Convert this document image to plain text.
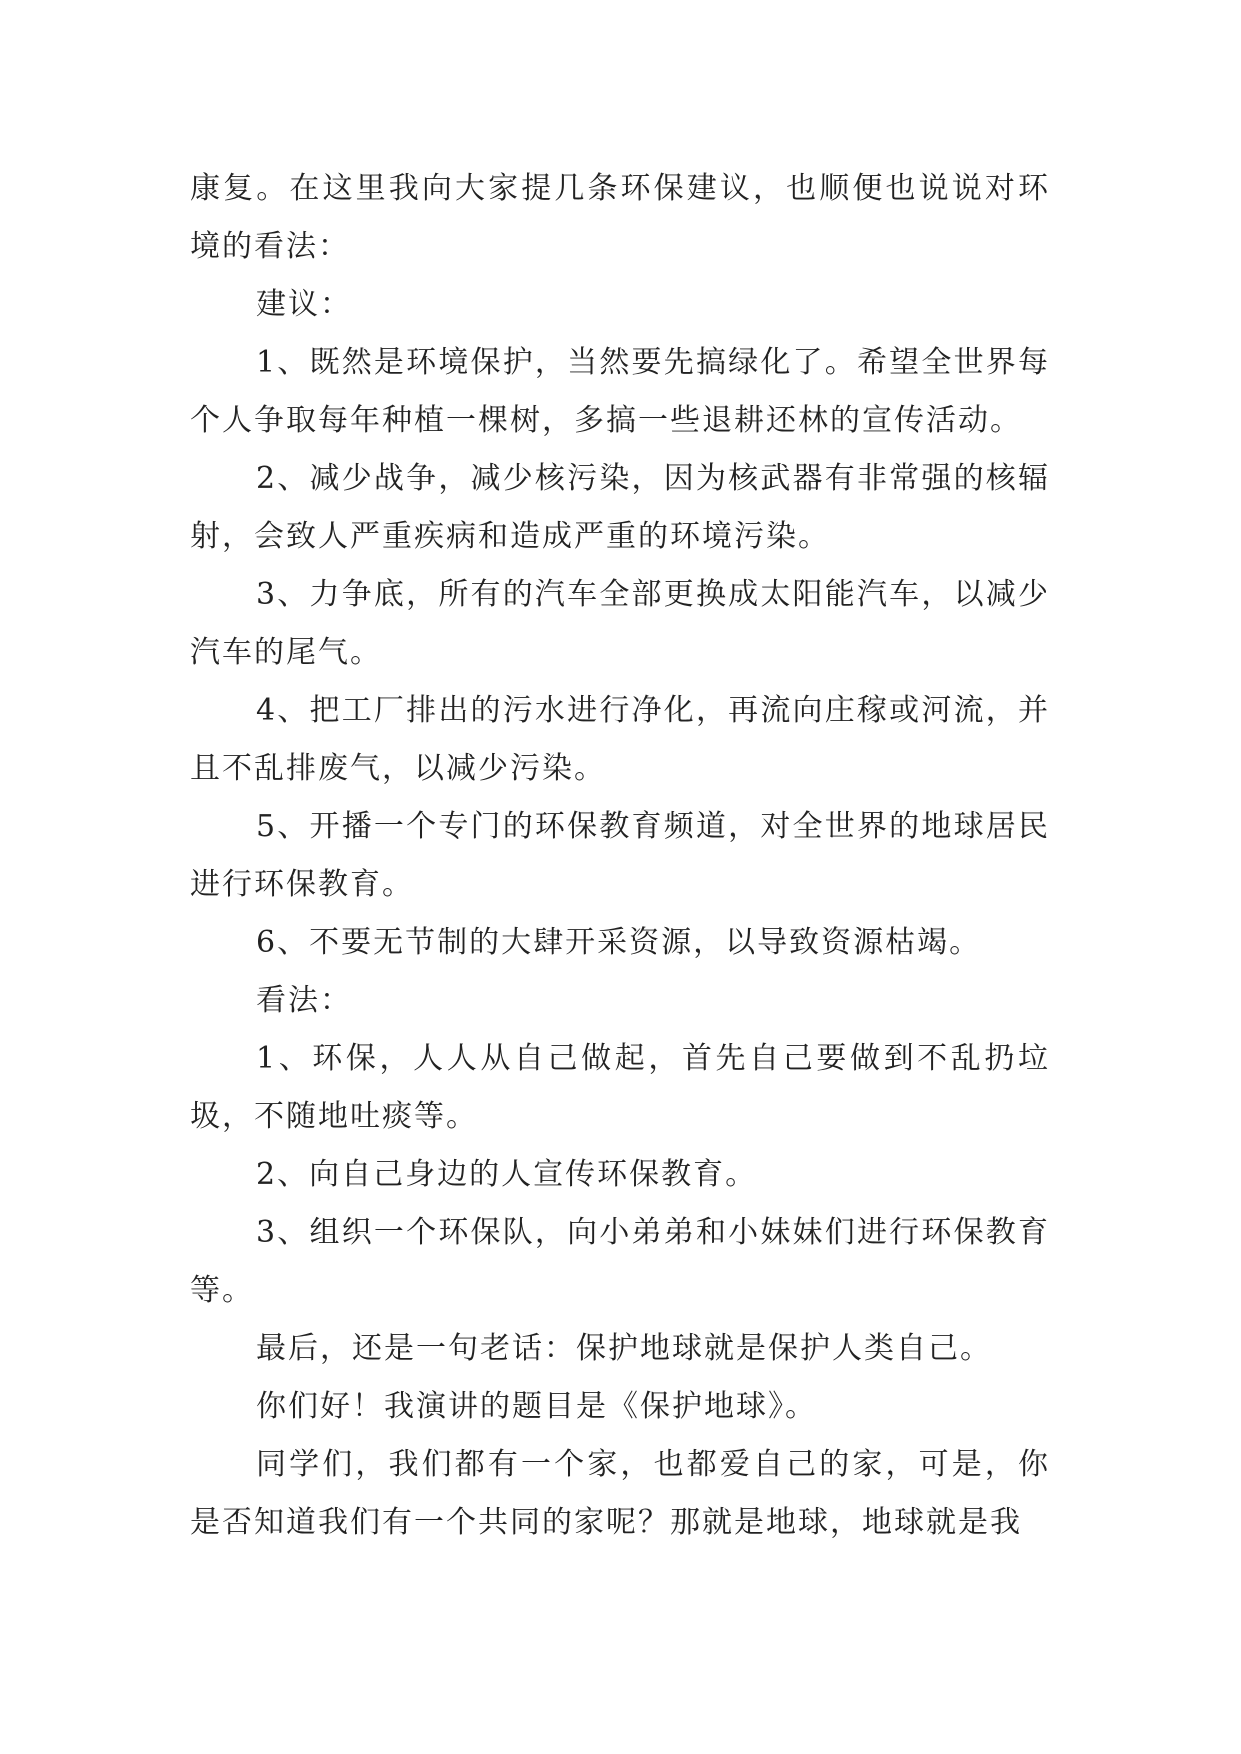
康复。在这里我向大家提几条环保建议，也顺便也说说对环境的看法：

建议：

1、既然是环境保护，当然要先搞绿化了。希望全世界每个人争取每年种植一棵树，多搞一些退耕还林的宣传活动。

2、减少战争，减少核污染，因为核武器有非常强的核辐射，会致人严重疾病和造成严重的环境污染。

3、力争底，所有的汽车全部更换成太阳能汽车，以减少汽车的尾气。

4、把工厂排出的污水进行净化，再流向庄稼或河流，并且不乱排废气，以减少污染。

5、开播一个专门的环保教育频道，对全世界的地球居民进行环保教育。

6、不要无节制的大肆开采资源，以导致资源枯竭。

看法：

1、环保，人人从自己做起，首先自己要做到不乱扔垃圾，不随地吐痰等。

2、向自己身边的人宣传环保教育。

3、组织一个环保队，向小弟弟和小妹妹们进行环保教育等。

最后，还是一句老话：保护地球就是保护人类自己。

你们好！我演讲的题目是《保护地球》。

同学们，我们都有一个家，也都爱自己的家，可是，你是否知道我们有一个共同的家呢？那就是地球，地球就是我
